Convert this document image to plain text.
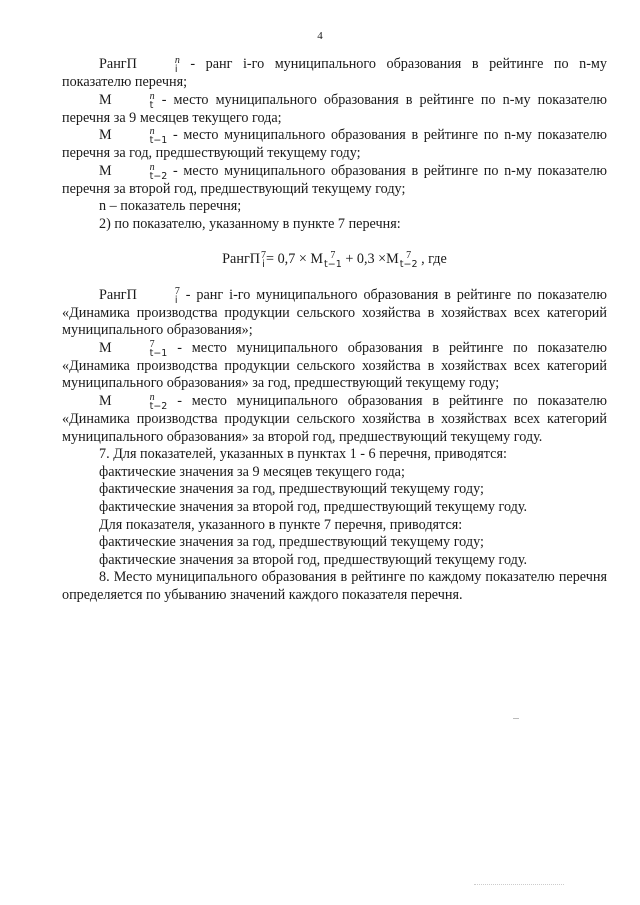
4

РангП	n
i - ранг i-го муниципального образования в рейтинге по n-му показателю перечня;

M	n
t - место муниципального образования в рейтинге по n-му показателю перечня за 9 месяцев текущего года;

M	n
t−1 - место муниципального образования в рейтинге по n-му показателю перечня за год, предшествующий текущему году;

M	n
t−2 - место муниципального образования в рейтинге по n-му показателю перечня за второй год, предшествующий текущему году;

n – показатель перечня;

2) по показателю, указанному в пункте 7 перечня:

РангП 7
i = 0,7 × M 7
t−1 + 0,3 ×M 7
t−2 , где

РангП	7
i - ранг i-го муниципального образования в рейтинге по показателю «Динамика производства продукции сельского хозяйства в хозяйствах всех категорий муниципального образования»;

M	7
t−1 - место муниципального образования в рейтинге по показателю «Динамика производства продукции сельского хозяйства в хозяйствах всех категорий муниципального образования» за год, предшествующий текущему году;

M	n
t−2 - место муниципального образования в рейтинге по показателю «Динамика производства продукции сельского хозяйства в хозяйствах всех категорий муниципального образования» за второй год, предшествующий текущему году.

7. Для показателей, указанных в пунктах 1 - 6 перечня, приводятся:

фактические значения за 9 месяцев текущего года;

фактические значения за год, предшествующий текущему году;

фактические значения за второй год, предшествующий текущему году.

Для показателя, указанного в пункте 7 перечня, приводятся:

фактические значения за год, предшествующий текущему году;

фактические значения за второй год, предшествующий текущему году.

8. Место муниципального образования в рейтинге по каждому показателю перечня определяется по убыванию значений каждого показателя перечня.
